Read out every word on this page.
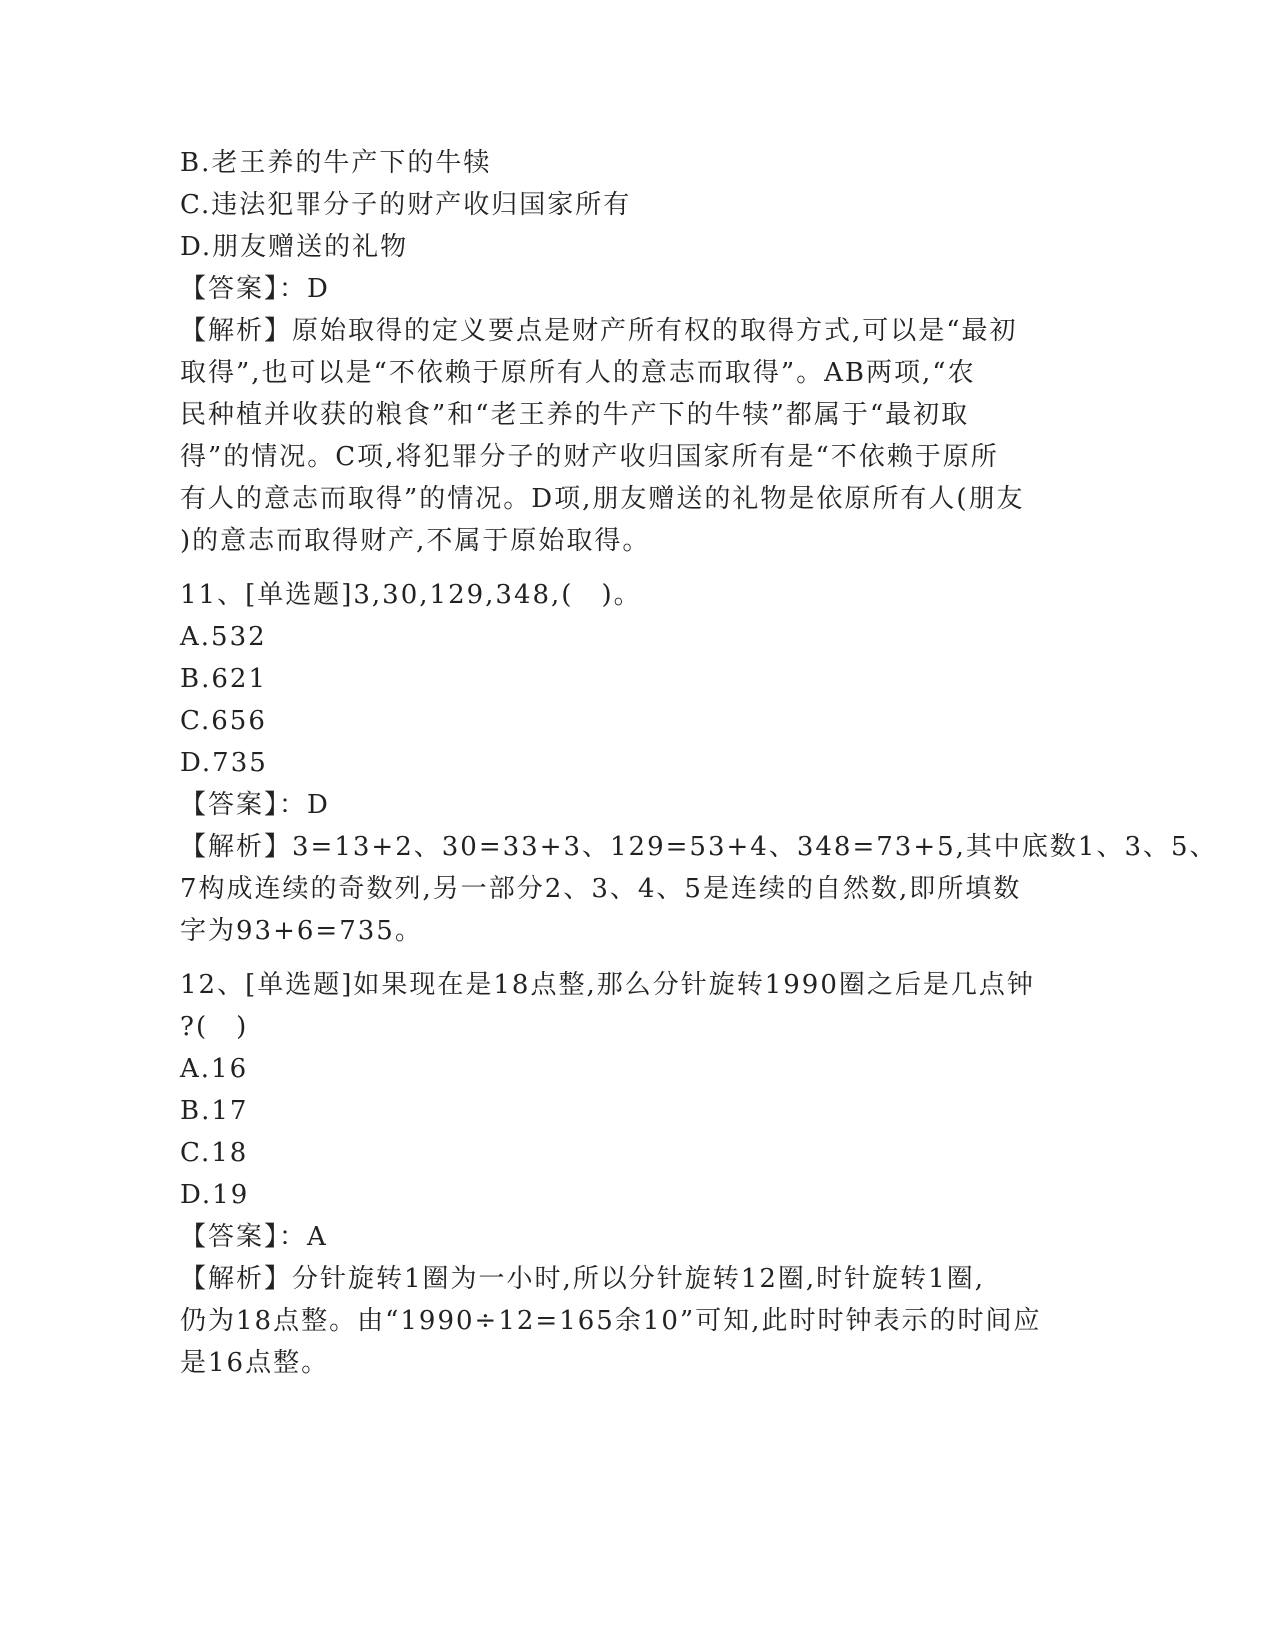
B.老王养的牛产下的牛犊
C.违法犯罪分子的财产收归国家所有
D.朋友赠送的礼物
【答案】：D
【解析】原始取得的定义要点是财产所有权的取得方式,可以是“最初
取得”,也可以是“不依赖于原所有人的意志而取得”。AB两项,“农
民种植并收获的粮食”和“老王养的牛产下的牛犊”都属于“最初取
得”的情况。C项,将犯罪分子的财产收归国家所有是“不依赖于原所
有人的意志而取得”的情况。D项,朋友赠送的礼物是依原所有人(朋友
)的意志而取得财产,不属于原始取得。
11、[单选题]3,30,129,348,(　)。
A.532
B.621
C.656
D.735
【答案】：D
【解析】3=13+2、30=33+3、129=53+4、348=73+5,其中底数1、3、5、
7构成连续的奇数列,另一部分2、3、4、5是连续的自然数,即所填数
字为93+6=735。
12、[单选题]如果现在是18点整,那么分针旋转1990圈之后是几点钟
?(　)
A.16
B.17
C.18
D.19
【答案】：A
【解析】分针旋转1圈为一小时,所以分针旋转12圈,时针旋转1圈,
仍为18点整。由“1990÷12=165余10”可知,此时时钟表示的时间应
是16点整。
